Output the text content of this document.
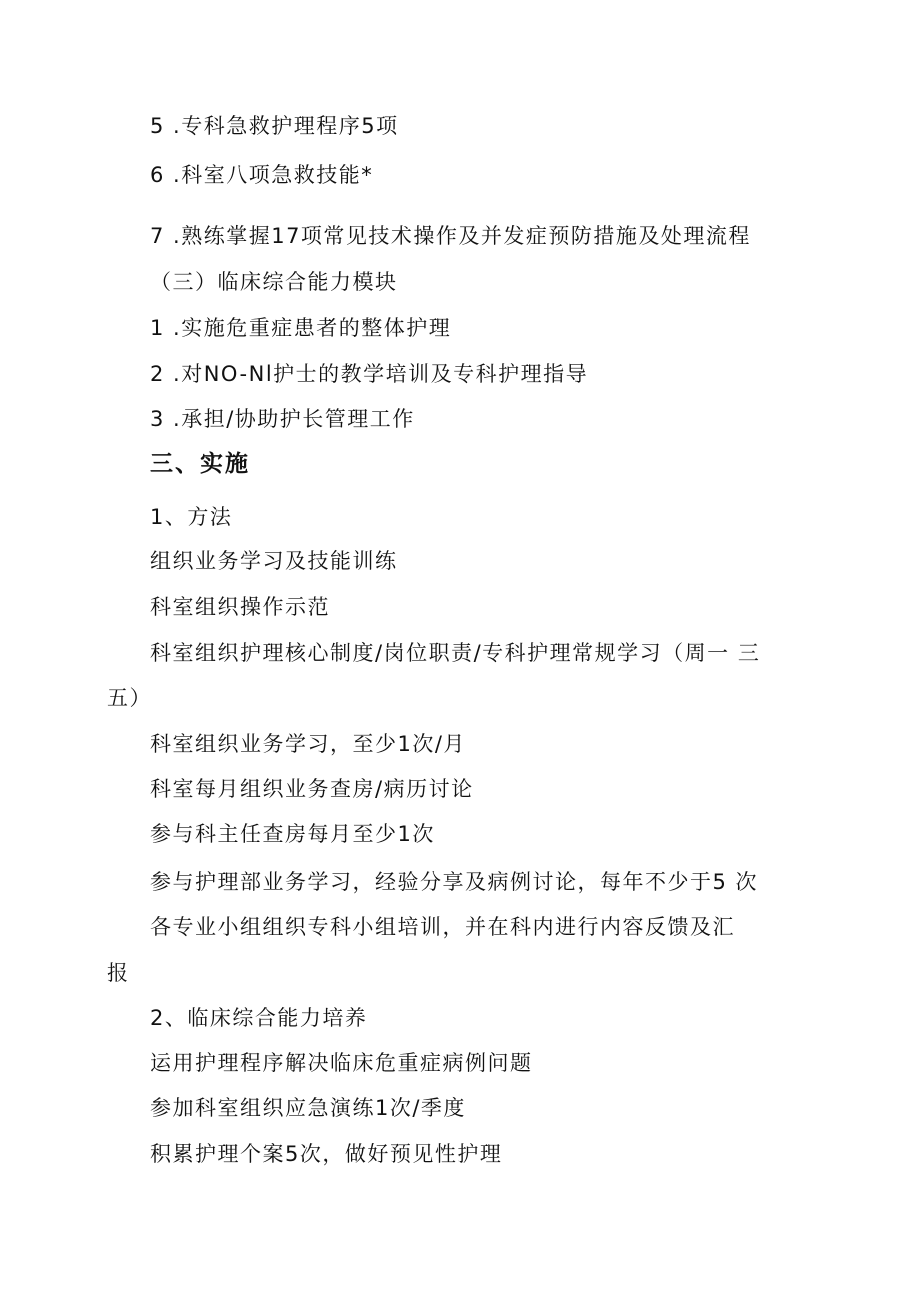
5 .专科急救护理程序5项
6 .科室八项急救技能*
7 .熟练掌握17项常见技术操作及并发症预防措施及处理流程
（三）临床综合能力模块
1 .实施危重症患者的整体护理
2 .对NO-Nl护士的教学培训及专科护理指导
3 .承担/协助护长管理工作
三、实施
1、方法
组织业务学习及技能训练
科室组织操作示范
科室组织护理核心制度/岗位职责/专科护理常规学习（周一 三
五）
科室组织业务学习，至少1次/月
科室每月组织业务查房/病历讨论
参与科主任查房每月至少1次
参与护理部业务学习，经验分享及病例讨论，每年不少于5 次
各专业小组组织专科小组培训，并在科内进行内容反馈及汇
报
2、临床综合能力培养
运用护理程序解决临床危重症病例问题
参加科室组织应急演练1次/季度
积累护理个案5次，做好预见性护理
